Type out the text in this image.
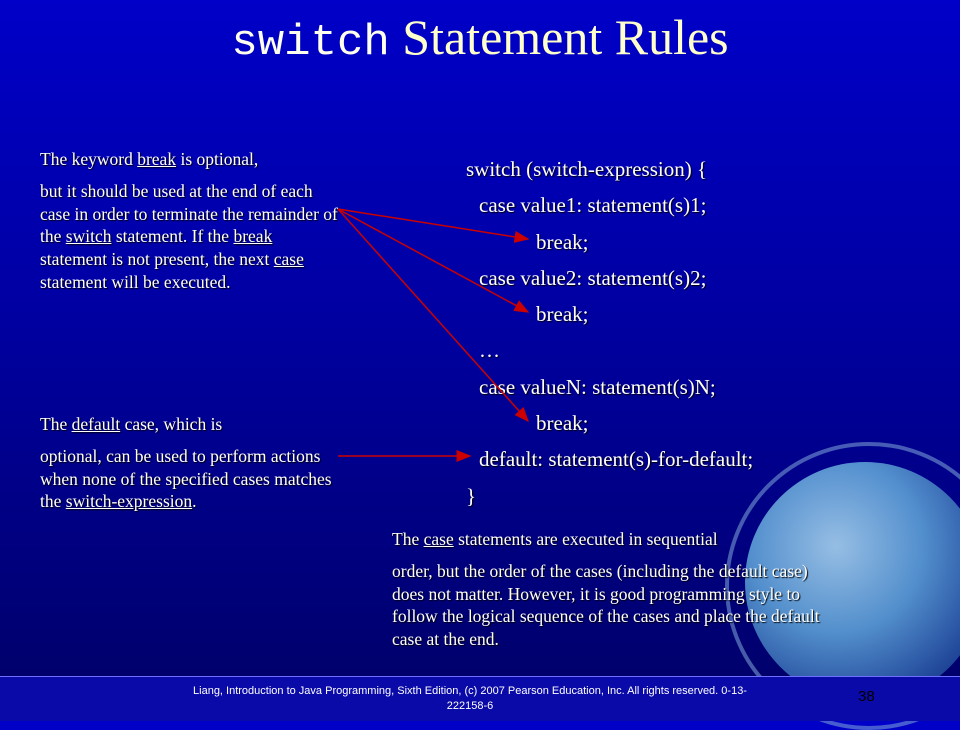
switch Statement Rules
The keyword break is optional,
but it should be used at the end of each case in order to terminate the remainder of the switch statement. If the break statement is not present, the next case statement will be executed.
The default case, which is
optional, can be used to perform actions when none of the specified cases matches the switch-expression.
The case statements are executed in sequential
order, but the order of the cases (including the default case) does not matter. However, it is good programming style to follow the logical sequence of the cases and place the default case at the end.
switch (switch-expression) {
case value1: statement(s)1;
break;
case value2: statement(s)2;
break;
…
case valueN: statement(s)N;
break;
default: statement(s)-for-default;
}
Liang, Introduction to Java Programming, Sixth Edition, (c) 2007 Pearson Education, Inc. All rights reserved. 0-13-222158-6
38
